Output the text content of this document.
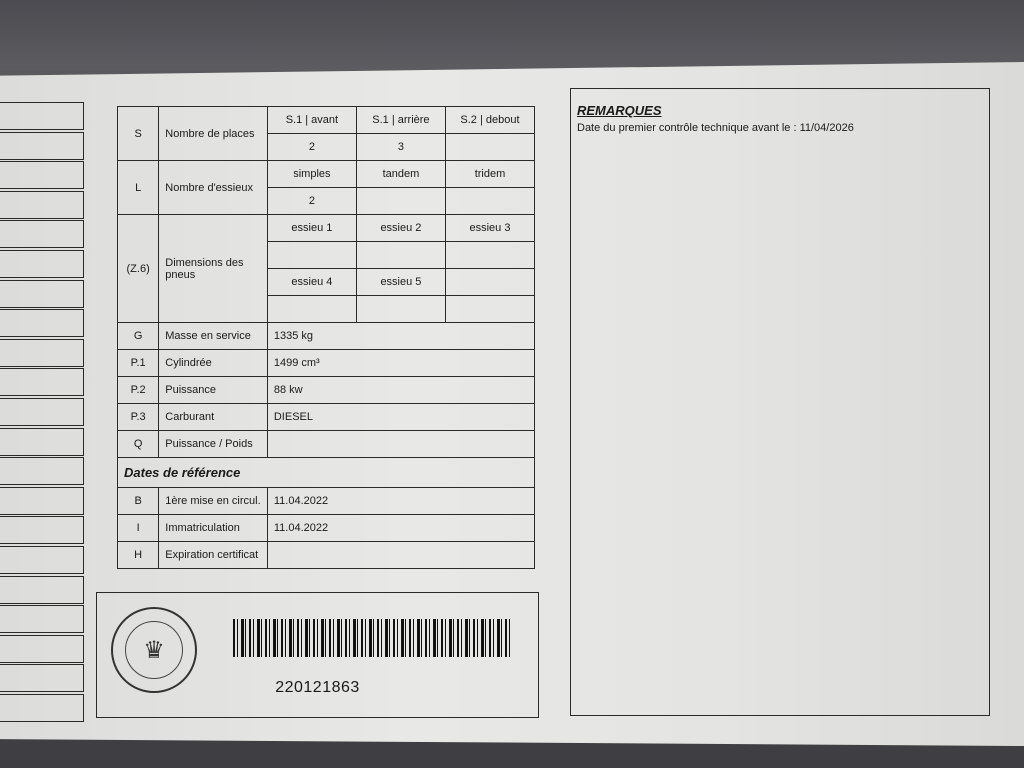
S	Nombre de places	S.1 | avant	S.1 | arrière	S.2 | debout
		2	3	
L	Nombre d'essieux	simples	tandem	tridem
		2		
(Z.6)	Dimensions des pneus	essieu 1	essieu 2	essieu 3

		essieu 4	essieu 5	

G	Masse en service	1335 kg		
P.1	Cylindrée	1499 cm³		
P.2	Puissance	88 kw		
P.3	Carburant	DIESEL		
Q	Puissance / Poids			
Dates de référence				
B	1ère mise en circul.	11.04.2022		
I	Immatriculation	11.04.2022		
H	Expiration certificat			
♛
220121863
REMARQUES
Date du premier contrôle technique avant le : 11/04/2026
